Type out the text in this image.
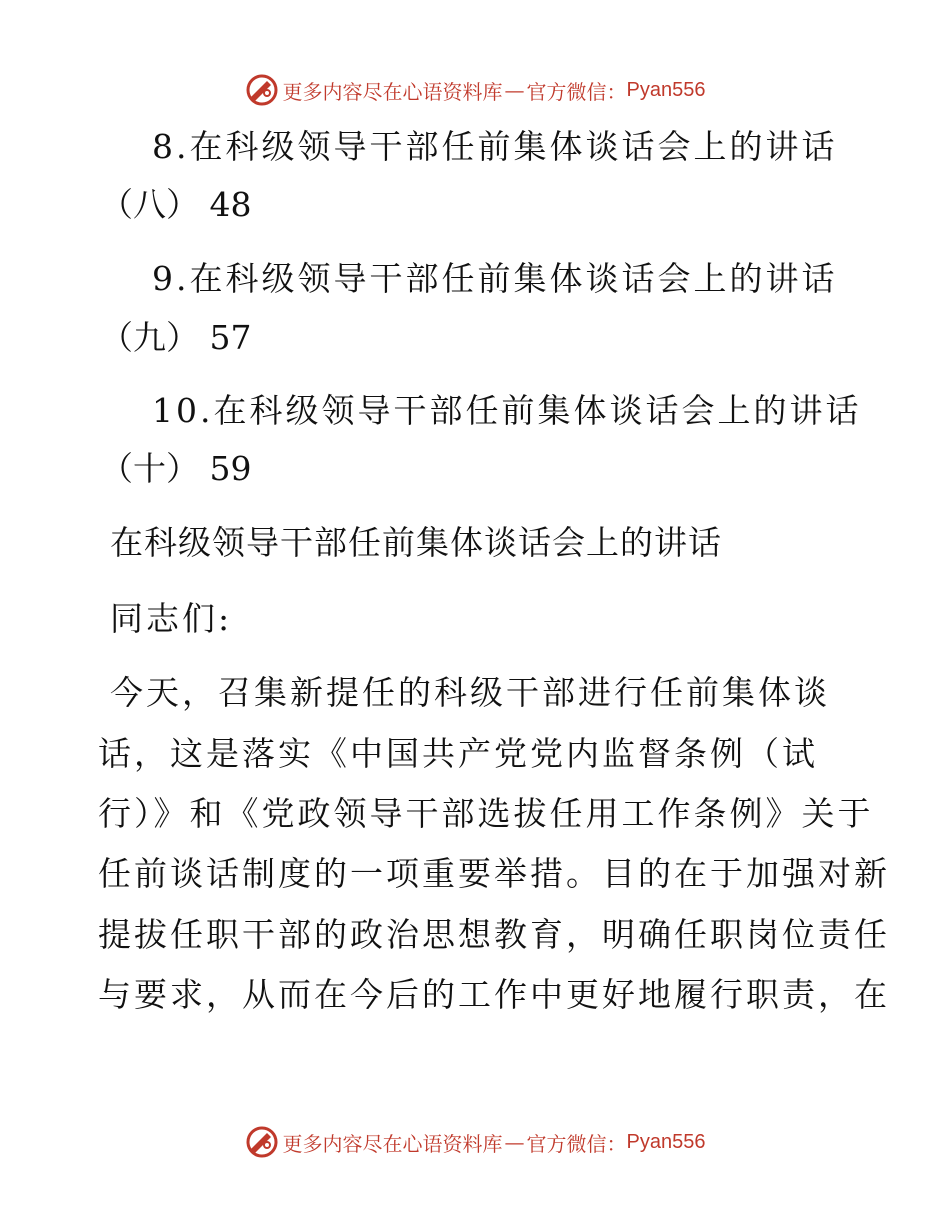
更多内容尽在心语资料库 — 官方微信： Pyan556
8.在科级领导干部任前集体谈话会上的讲话
（八） 48
9.在科级领导干部任前集体谈话会上的讲话
（九） 57
10.在科级领导干部任前集体谈话会上的讲话
（十） 59
在科级领导干部任前集体谈话会上的讲话
同志们:
今天，召集新提任的科级干部进行任前集体谈
话，这是落实《中国共产党党内监督条例（试
行）》和《党政领导干部选拔任用工作条例》关于
任前谈话制度的一项重要举措。目的在于加强对新
提拔任职干部的政治思想教育，明确任职岗位责任
与要求，从而在今后的工作中更好地履行职责，在
更多内容尽在心语资料库 — 官方微信： Pyan556
